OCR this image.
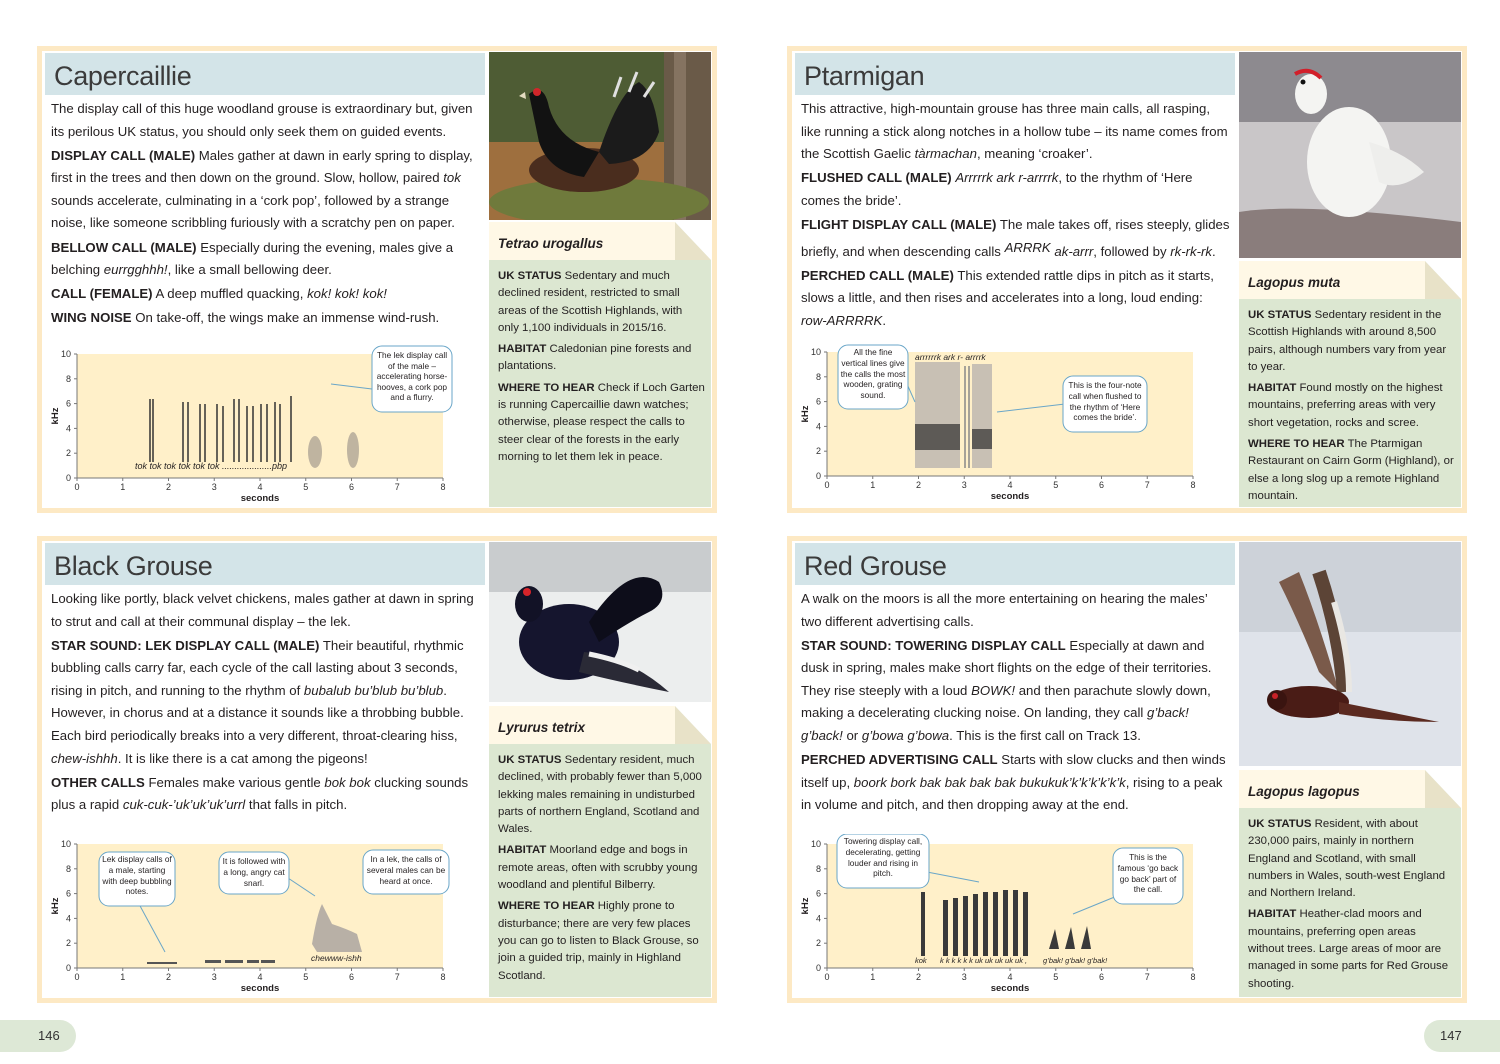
Capercaillie

The display call of this huge woodland grouse is extraordinary but, given its perilous UK status, you should only seek them on guided events.

DISPLAY CALL (MALE) Males gather at dawn in early spring to display, first in the trees and then down on the ground. Slow, hollow, paired tok sounds accelerate, culminating in a ‘cork pop’, followed by a strange noise, like someone scribbling furiously with a scratchy pen on paper.

BELLOW CALL (MALE) Especially during the evening, males give a belching eurrgghhh!, like a small bellowing deer.

CALL (FEMALE) A deep muffled quacking, kok! kok! kok!

WING NOISE On take-off, the wings make an immense wind-rush.

Tetrao urogallus

UK STATUS Sedentary and much declined resident, restricted to small areas of the Scottish Highlands, with only 1,100 individuals in 2015/16.

HABITAT Caledonian pine forests and plantations.

WHERE TO HEAR Check if Loch Garten is running Capercaillie dawn watches; otherwise, please respect the calls to steer clear of the forests in the early morning to let them lek in peace.

tok tok tok tok tok tok ....................pbp
The lek display call of the male – accelerating horse-hooves, a cork pop and a flurry.
0	1	2	3	4	5	6	7	8
0
2
4
6
8
10
seconds
kHz
Ptarmigan

This attractive, high-mountain grouse has three main calls, all rasping, like running a stick along notches in a hollow tube – its name comes from the Scottish Gaelic tàrmachan, meaning ‘croaker’.

FLUSHED CALL (MALE) Arrrrrk ark r-arrrrk, to the rhythm of ‘Here comes the bride’.

FLIGHT DISPLAY CALL (MALE) The male takes off, rises steeply, glides briefly, and when descending calls ARRRK ak-arrr, followed by rk-rk-rk.

PERCHED CALL (MALE) This extended rattle dips in pitch as it starts, slows a little, and then rises and accelerates into a long, loud ending: row-ARRRRK.

Lagopus muta

UK STATUS Sedentary resident in the Scottish Highlands with around 8,500 pairs, although numbers vary from year to year.

HABITAT Found mostly on the highest mountains, preferring areas with very short vegetation, rocks and scree.

WHERE TO HEAR The Ptarmigan Restaurant on Cairn Gorm (Highland), or else a long slog up a remote Highland mountain.

arrrrrrk ark r- arrrrk
All the fine vertical lines give the calls the most wooden, grating sound.
This is the four-note call when flushed to the rhythm of ‘Here comes the bride’.
0	1	2	3	4	5	6	7	8
0
2
4
6
8
10
seconds
kHz
Black Grouse

Looking like portly, black velvet chickens, males gather at dawn in spring to strut and call at their communal display – the lek.

STAR SOUND: LEK DISPLAY CALL (MALE) Their beautiful, rhythmic bubbling calls carry far, each cycle of the call lasting about 3 seconds, rising in pitch, and running to the rhythm of bubalub bu’blub bu’blub. However, in chorus and at a distance it sounds like a throbbing bubble. Each bird periodically breaks into a very different, throat-clearing hiss, chew-ishhh. It is like there is a cat among the pigeons!

OTHER CALLS Females make various gentle bok bok clucking sounds plus a rapid cuk-cuk-’uk’uk’uk’urrl that falls in pitch.

Lyrurus tetrix

UK STATUS Sedentary resident, much declined, with probably fewer than 5,000 lekking males remaining in undisturbed parts of northern England, Scotland and Wales.

HABITAT Moorland edge and bogs in remote areas, often with scrubby young woodland and plentiful Bilberry.

WHERE TO HEAR Highly prone to disturbance; there are very few places you can go to listen to Black Grouse, so join a guided trip, mainly in Highland Scotland.

chewww-ishh
Lek display calls of a male, starting with deep bubbling notes.
It is followed with a long, angry cat snarl.
In a lek, the calls of several males can be heard at once.
0	1	2	3	4	5	6	7	8
0
2
4
6
8
10
seconds
kHz
Red Grouse

A walk on the moors is all the more entertaining on hearing the males’ two different advertising calls.

STAR SOUND: TOWERING DISPLAY CALL Especially at dawn and dusk in spring, males make short flights on the edge of their territories. They rise steeply with a loud BOWK! and then parachute slowly down, making a decelerating clucking noise. On landing, they call g’back! g’back! or g’bowa g’bowa. This is the first call on Track 13.

PERCHED ADVERTISING CALL Starts with slow clucks and then winds itself up, boork bork bak bak bak bak bukukuk’k’k’k’k’k’k, rising to a peak in volume and pitch, and then dropping away at the end.

Lagopus lagopus

UK STATUS Resident, with about 230,000 pairs, mainly in northern England and Scotland, with small numbers in Wales, south-west England and Northern Ireland.

HABITAT Heather-clad moors and mountains, preferring open areas without trees. Large areas of moor are managed in some parts for Red Grouse shooting.

kok k k k k k k uk uk uk uk uk , g’bak! g’bak! g’bak!
Towering display call, decelerating, getting louder and rising in pitch.
This is the famous ‘go back go back’ part of the call.
0	1	2	3	4	5	6	7	8
0
2
4
6
8
10
seconds
kHz
146	147
